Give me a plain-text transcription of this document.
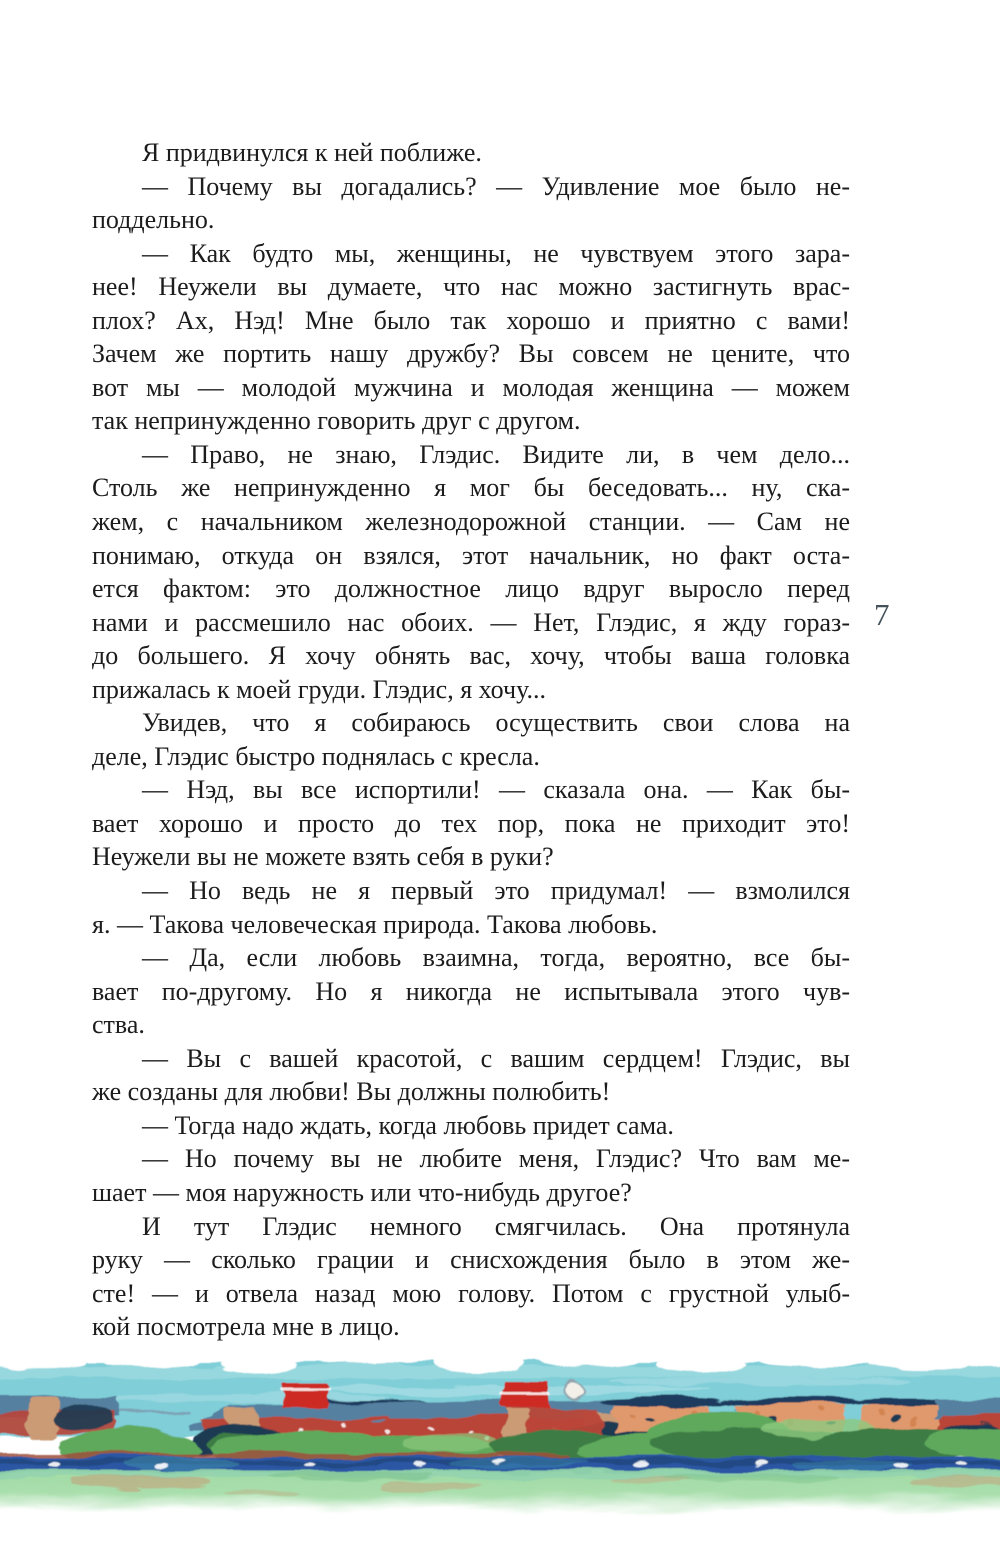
Я придвинулся к ней поближе.
— Почему вы догадались? — Удивление мое было не-
поддельно.
— Как будто мы, женщины, не чувствуем этого зара-
нее! Неужели вы думаете, что нас можно застигнуть врас-
плох? Ах, Нэд! Мне было так хорошо и приятно с вами!
Зачем же портить нашу дружбу? Вы совсем не цените, что
вот мы — молодой мужчина и молодая женщина — можем
так непринужденно говорить друг с другом.
— Право, не знаю, Глэдис. Видите ли, в чем дело...
Столь же непринужденно я мог бы беседовать... ну, ска-
жем, с начальником железнодорожной станции. — Сам не
понимаю, откуда он взялся, этот начальник, но факт оста-
ется фактом: это должностное лицо вдруг выросло перед
нами и рассмешило нас обоих. — Нет, Глэдис, я жду гораз-
до большего. Я хочу обнять вас, хочу, чтобы ваша головка
прижалась к моей груди. Глэдис, я хочу...
Увидев, что я собираюсь осуществить свои слова на
деле, Глэдис быстро поднялась с кресла.
— Нэд, вы все испортили! — сказала она. — Как бы-
вает хорошо и просто до тех пор, пока не приходит это!
Неужели вы не можете взять себя в руки?
— Но ведь не я первый это придумал! — взмолился
я. — Такова человеческая природа. Такова любовь.
— Да, если любовь взаимна, тогда, вероятно, все бы-
вает по-другому. Но я никогда не испытывала этого чув-
ства.
— Вы с вашей красотой, с вашим сердцем! Глэдис, вы
же созданы для любви! Вы должны полюбить!
— Тогда надо ждать, когда любовь придет сама.
— Но почему вы не любите меня, Глэдис? Что вам ме-
шает — моя наружность или что-нибудь другое?
И тут Глэдис немного смягчилась. Она протянула
руку — сколько грации и снисхождения было в этом же-
сте! — и отвела назад мою голову. Потом с грустной улыб-
кой посмотрела мне в лицо.
7
